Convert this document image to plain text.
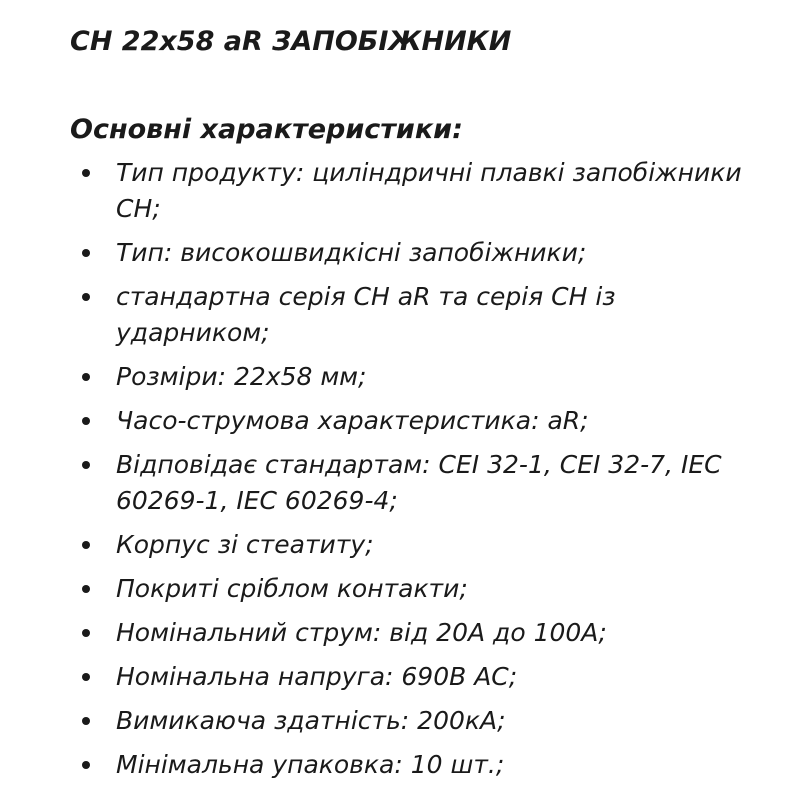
CH 22x58 aR ЗАПОБІЖНИКИ
Основні характеристики:
Тип продукту: циліндричні плавкі запобіжники CH;
Тип: високошвидкісні запобіжники;
стандартна серія CH aR та серія CH із ударником;
Розміри: 22x58 мм;
Часо-струмова характеристика: aR;
Відповідає стандартам: CEI 32-1, CEI 32-7, IEC 60269-1, IEC 60269-4;
Корпус зі стеатиту;
Покриті сріблом контакти;
Номінальний струм: від 20А до 100А;
Номінальна напруга: 690В АС;
Вимикаюча здатність: 200кА;
Мінімальна упаковка: 10 шт.;
